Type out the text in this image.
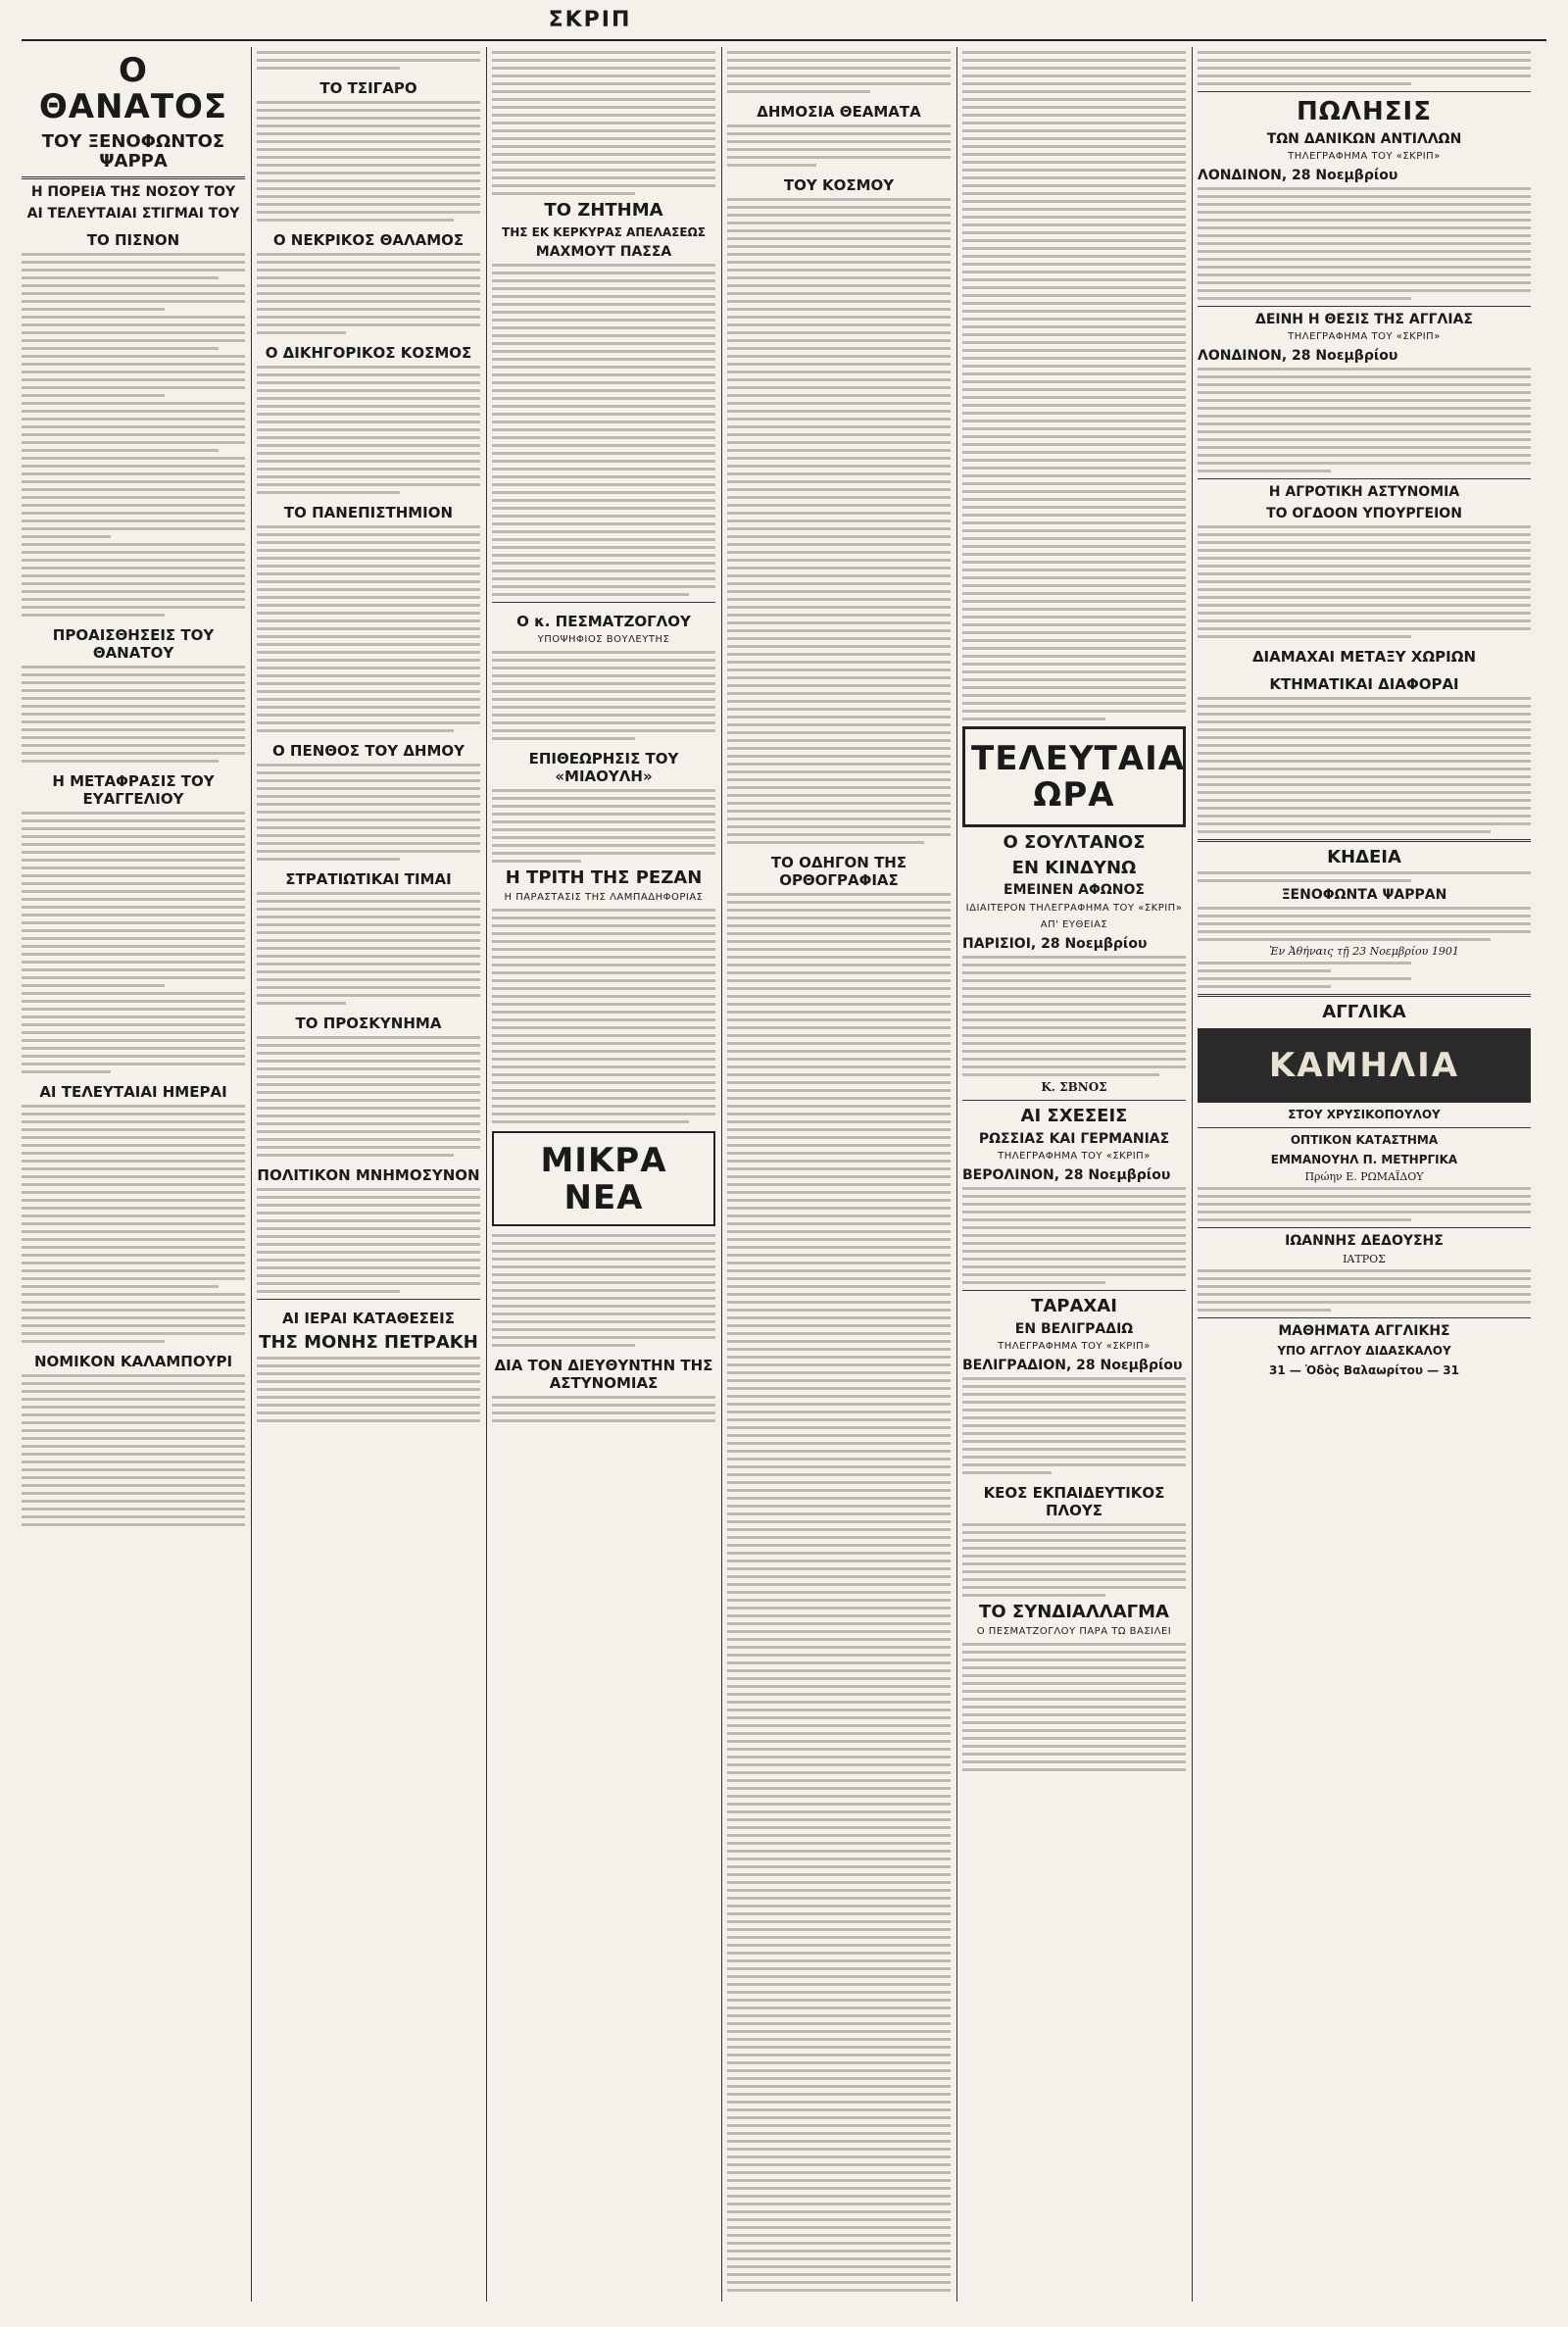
ΣΚΡΙΠ
Ο ΘΑΝΑΤΟΣ
ΤΟΥ ΞΕΝΟΦΩΝΤΟΣ ΨΑΡΡΑ
Η ΠΟΡΕΙΑ ΤΗΣ ΝΟΣΟΥ ΤΟΥ
ΑΙ ΤΕΛΕΥΤΑΙΑΙ ΣΤΙΓΜΑΙ ΤΟΥ
ΤΟ ΠΙΣΝΟΝ
ΠΡΟΑΙΣΘΗΣΕΙΣ ΤΟΥ ΘΑΝΑΤΟΥ
Η ΜΕΤΑΦΡΑΣΙΣ ΤΟΥ ΕΥΑΓΓΕΛΙΟΥ
ΑΙ ΤΕΛΕΥΤΑΙΑΙ ΗΜΕΡΑΙ
ΝΟΜΙΚΟΝ ΚΑΛΑΜΠΟΥΡΙ
ΤΟ ΤΣΙΓΑΡΟ
Ο ΝΕΚΡΙΚΟΣ ΘΑΛΑΜΟΣ
Ο ΔΙΚΗΓΟΡΙΚΟΣ ΚΟΣΜΟΣ
ΤΟ ΠΑΝΕΠΙΣΤΗΜΙΟΝ
Ο ΠΕΝΘΟΣ ΤΟΥ ΔΗΜΟΥ
ΣΤΡΑΤΙΩΤΙΚΑΙ ΤΙΜΑΙ
ΤΟ ΠΡΟΣΚΥΝΗΜΑ
ΠΟΛΙΤΙΚΟΝ ΜΝΗΜΟΣΥΝΟΝ
ΑΙ ΙΕΡΑΙ ΚΑΤΑΘΕΣΕΙΣ
ΤΗΣ ΜΟΝΗΣ ΠΕΤΡΑΚΗ
ΤΟ ΖΗΤΗΜΑ
ΤΗΣ ΕΚ ΚΕΡΚΥΡΑΣ ΑΠΕΛΑΣΕΩΣ
ΜΑΧΜΟΥΤ ΠΑΣΣΑ
Ο κ. ΠΕΣΜΑΤΖΟΓΛΟΥ
ΥΠΟΨΗΦΙΟΣ ΒΟΥΛΕΥΤΗΣ
ΕΠΙΘΕΩΡΗΣΙΣ ΤΟΥ «ΜΙΑΟΥΛΗ»
Η ΤΡΙΤΗ ΤΗΣ ΡΕΖΑΝ
Η ΠΑΡΑΣΤΑΣΙΣ ΤΗΣ ΛΑΜΠΑΔΗΦΟΡΙΑΣ
ΜΙΚΡΑ ΝΕΑ
ΔΙΑ ΤΟΝ ΔΙΕΥΘΥΝΤΗΝ ΤΗΣ ΑΣΤΥΝΟΜΙΑΣ
ΔΗΜΟΣΙΑ ΘΕΑΜΑΤΑ
ΤΟΥ ΚΟΣΜΟΥ
ΤΟ ΟΔΗΓΟΝ ΤΗΣ ΟΡΘΟΓΡΑΦΙΑΣ
ΤΕΛΕΥΤΑΙΑ ΩΡΑ
Ο ΣΟΥΛΤΑΝΟΣ
ΕΝ ΚΙΝΔΥΝΩ
ΕΜΕΙΝΕΝ ΑΦΩΝΟΣ
ΙΔΙΑΙΤΕΡΟΝ ΤΗΛΕΓΡΑΦΗΜΑ ΤΟΥ «ΣΚΡΙΠ»
ΑΠ' ΕΥΘΕΙΑΣ
ΠΑΡΙΣΙΟΙ, 28 Νοεμβρίου
Κ. ΣΒΝΟΣ
ΑΙ ΣΧΕΣΕΙΣ
ΡΩΣΣΙΑΣ ΚΑΙ ΓΕΡΜΑΝΙΑΣ
ΤΗΛΕΓΡΑΦΗΜΑ ΤΟΥ «ΣΚΡΙΠ»
ΒΕΡΟΛΙΝΟΝ, 28 Νοεμβρίου
ΤΑΡΑΧΑΙ
ΕΝ ΒΕΛΙΓΡΑΔΙΩ
ΤΗΛΕΓΡΑΦΗΜΑ ΤΟΥ «ΣΚΡΙΠ»
ΒΕΛΙΓΡΑΔΙΟΝ, 28 Νοεμβρίου
ΚΕΟΣ ΕΚΠΑΙΔΕΥΤΙΚΟΣ ΠΛΟΥΣ
ΤΟ ΣΥΝΔΙΑΛΛΑΓΜΑ
Ο ΠΕΣΜΑΤΖΟΓΛΟΥ ΠΑΡΑ ΤΩ ΒΑΣΙΛΕΙ
ΠΩΛΗΣΙΣ
ΤΩΝ ΔΑΝΙΚΩΝ ΑΝΤΙΛΛΩΝ
ΤΗΛΕΓΡΑΦΗΜΑ ΤΟΥ «ΣΚΡΙΠ»
ΛΟΝΔΙΝΟΝ, 28 Νοεμβρίου
ΔΕΙΝΗ Η ΘΕΣΙΣ ΤΗΣ ΑΓΓΛΙΑΣ
ΤΗΛΕΓΡΑΦΗΜΑ ΤΟΥ «ΣΚΡΙΠ»
ΛΟΝΔΙΝΟΝ, 28 Νοεμβρίου
Η ΑΓΡΟΤΙΚΗ ΑΣΤΥΝΟΜΙΑ
ΤΟ ΟΓΔΟΟΝ ΥΠΟΥΡΓΕΙΟΝ
ΔΙΑΜΑΧΑΙ ΜΕΤΑΞΥ ΧΩΡΙΩΝ
ΚΤΗΜΑΤΙΚΑΙ ΔΙΑΦΟΡΑΙ
ΚΗΔΕΙΑ
ΞΕΝΟΦΩΝΤΑ ΨΑΡΡΑΝ
Ἐν Ἀθήναις τῇ 23 Νοεμβρίου 1901
ΑΓΓΛΙΚΑ
ΚΑΜΗΛΙΑ
ΣΤΟΥ ΧΡΥΣΙΚΟΠΟΥΛΟΥ
ΟΠΤΙΚΟΝ ΚΑΤΑΣΤΗΜΑ
ΕΜΜΑΝΟΥΗΛ Π. ΜΕΤΗΡΓΙΚΑ
Πρώην Ε. ΡΩΜΑΪΔΟΥ
ΙΩΑΝΝΗΣ ΔΕΔΟΥΣΗΣ
ΙΑΤΡΟΣ
ΜΑΘΗΜΑΤΑ ΑΓΓΛΙΚΗΣ
ΥΠΟ ΑΓΓΛΟΥ ΔΙΔΑΣΚΑΛΟΥ
31 — Ὁδὸς Βαλαωρίτου — 31
